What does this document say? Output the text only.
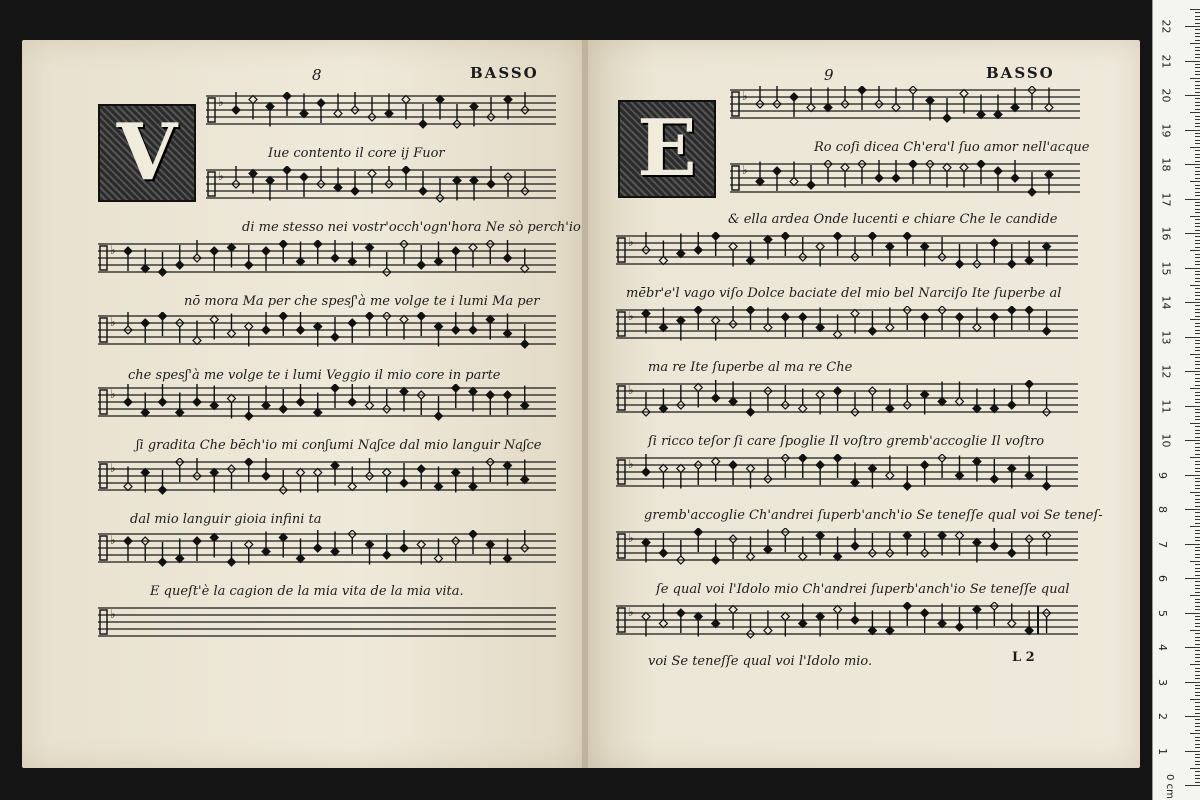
8	BASSO
V
9	BASSO
E
L 2
♭
♭
♭
♭
♭
♭
♭
♭
♭
♭
♭
♭
♭
♭
♭
♭
Iue contento il core ij Fuor
di me stesso nei vostr'occh'ogn'hora Ne sò perch'io
nō mora Ma per che spesʃ'à me volge te i lumi Ma per
che spesʃ'à me volge te i lumi Veggio il mio core in parte
ʃi gradita Che bēch'io mi conʃumi Naʃce dal mio languir Naʃce
dal mio languir gioia infini ta
E queſt'è la cagion de la mia vita de la mia vita.
Ro coſi dicea Ch'era'l ſuo amor nell'acque
& ella ardea Onde lucenti e chiare Che le candide
mēbr'e'l vago viſo Dolce baciate del mio bel Narciſo Ite ſuperbe al
ma re Ite ſuperbe al ma re Che
ſi ricco teſor ſi care ſpoglie Il voſtro gremb'accoglie Il voſtro
gremb'accoglie Ch'andrei ſuperb'anch'io Se teneſſe qual voi Se teneſ-
ſe qual voi l'Idolo mio Ch'andrei ſuperb'anch'io Se teneſſe qual
voi Se teneſſe qual voi l'Idolo mio.
0 cm
1
2
3
4
5
6
7
8
9
10
11
12
13
14
15
16
17
18
19
20
21
22
